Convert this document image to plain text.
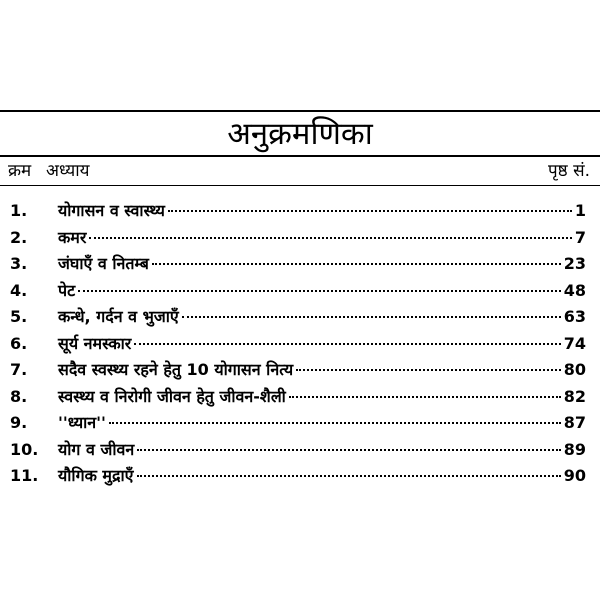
अनुक्रमणिका
क्रम अध्याय	पृष्ठ सं.
1. योगासन व स्वास्थ्य	1
2. कमर	7
3. जंघाएँ व नितम्ब	23
4. पेट	48
5. कन्धे, गर्दन व भुजाएँ	63
6. सूर्य नमस्कार	74
7. सदैव स्वस्थ्य रहने हेतु 10 योगासन नित्य	80
8. स्वस्थ्य व निरोगी जीवन हेतु जीवन-शैली	82
9. ''ध्यान''	87
10. योग व जीवन	89
11. यौगिक मुद्राएँ	90
